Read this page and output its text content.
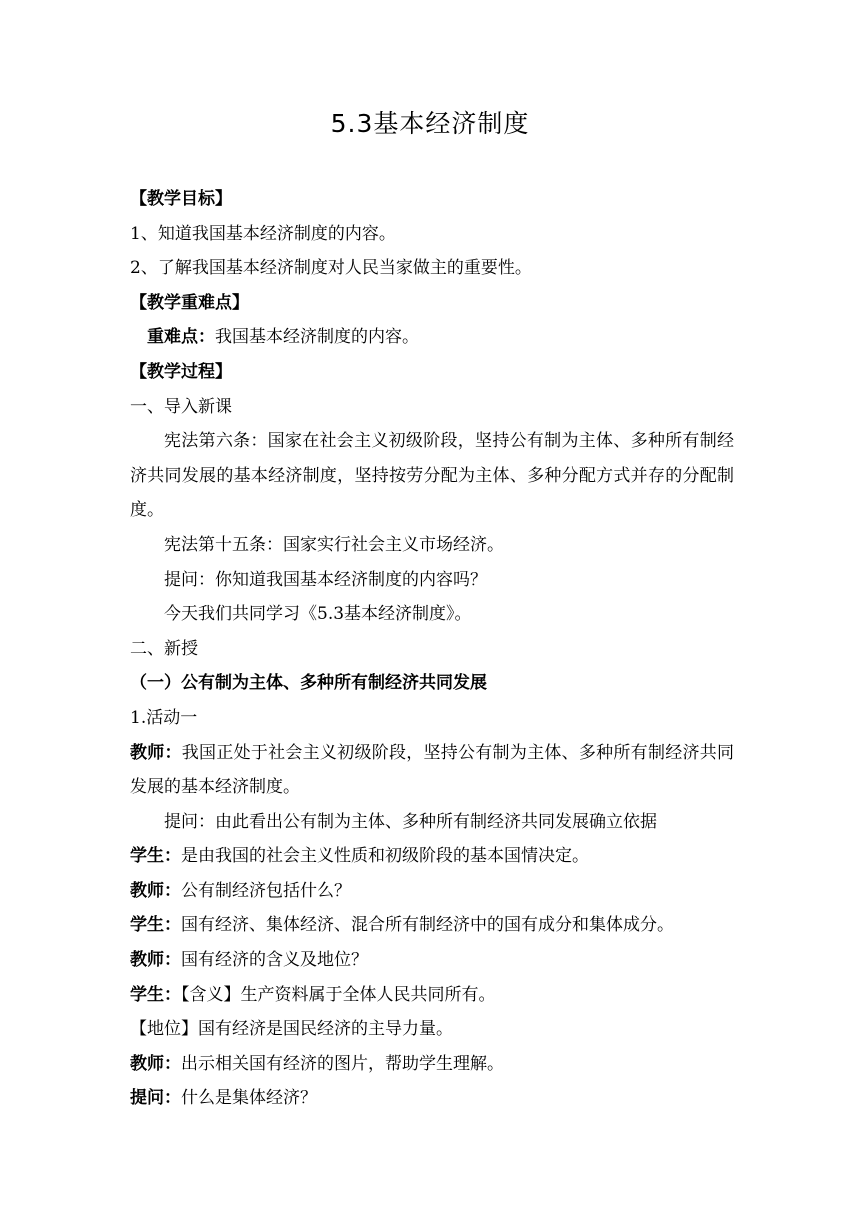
5.3基本经济制度
【教学目标】
1、知道我国基本经济制度的内容。
2、了解我国基本经济制度对人民当家做主的重要性。
【教学重难点】
重难点：我国基本经济制度的内容。
【教学过程】
一、导入新课
宪法第六条：国家在社会主义初级阶段，坚持公有制为主体、多种所有制经
济共同发展的基本经济制度，坚持按劳分配为主体、多种分配方式并存的分配制
度。
宪法第十五条：国家实行社会主义市场经济。
提问：你知道我国基本经济制度的内容吗？
今天我们共同学习《5.3基本经济制度》。
二、新授
（一）公有制为主体、多种所有制经济共同发展
1.活动一
教师：我国正处于社会主义初级阶段，坚持公有制为主体、多种所有制经济共同
发展的基本经济制度。
提问：由此看出公有制为主体、多种所有制经济共同发展确立依据
学生：是由我国的社会主义性质和初级阶段的基本国情决定。
教师：公有制经济包括什么？
学生：国有经济、集体经济、混合所有制经济中的国有成分和集体成分。
教师：国有经济的含义及地位？
学生：【含义】生产资料属于全体人民共同所有。
【地位】国有经济是国民经济的主导力量。
教师：出示相关国有经济的图片，帮助学生理解。
提问：什么是集体经济？
